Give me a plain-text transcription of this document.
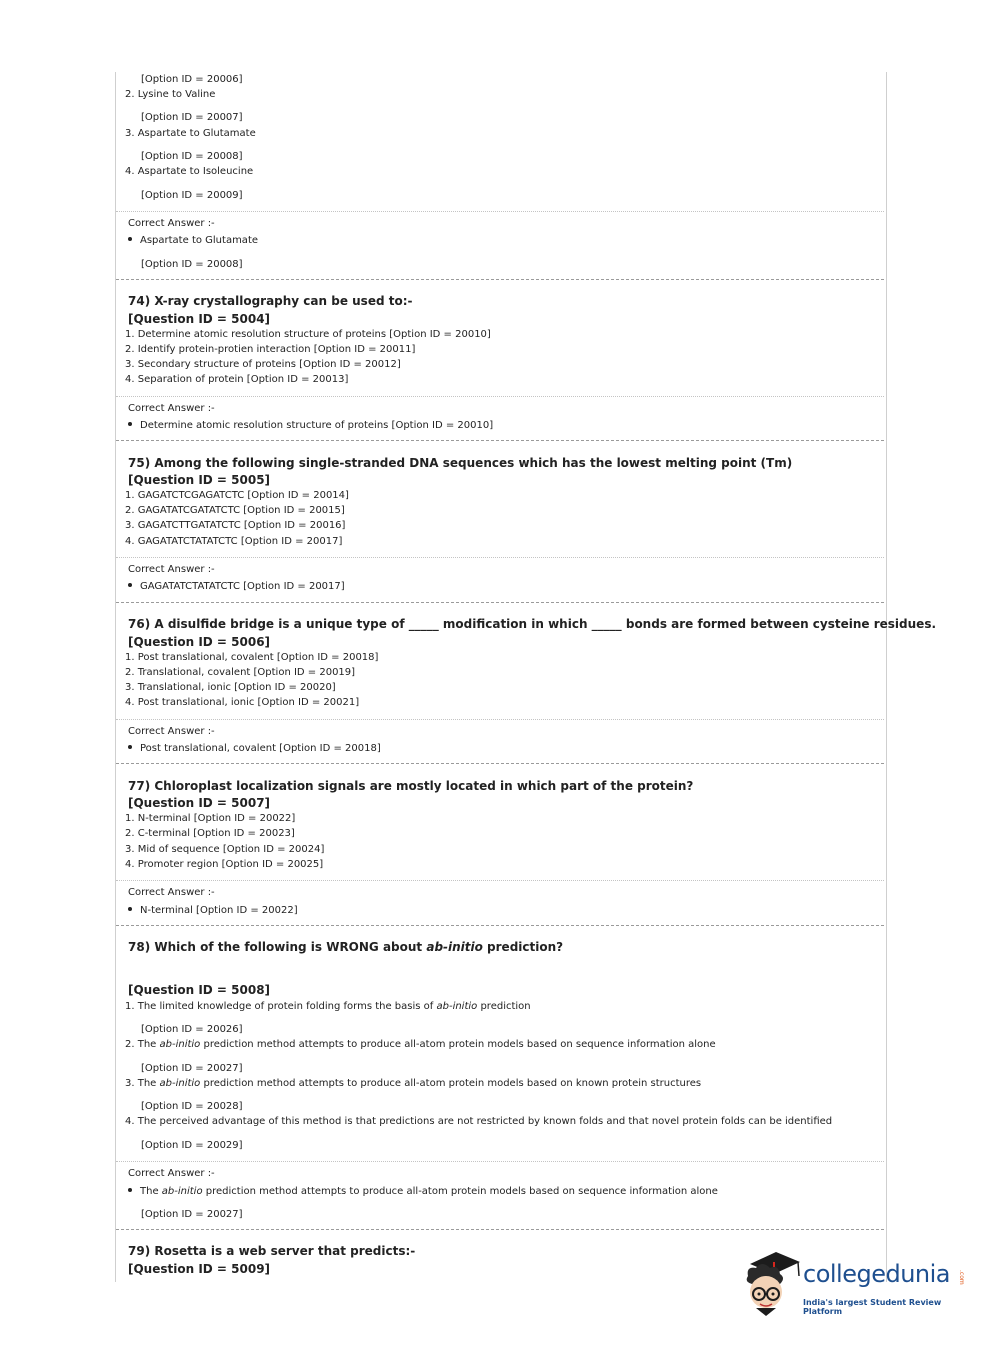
[Option ID = 20006]
2. Lysine to Valine
[Option ID = 20007]
3. Aspartate to Glutamate
[Option ID = 20008]
4. Aspartate to Isoleucine
[Option ID = 20009]
Correct Answer :-
Aspartate to Glutamate
[Option ID = 20008]
74) X-ray crystallography can be used to:-
[Question ID = 5004]
1. Determine atomic resolution structure of proteins [Option ID = 20010]
2. Identify protein-protien interaction [Option ID = 20011]
3. Secondary structure of proteins [Option ID = 20012]
4. Separation of protein [Option ID = 20013]
Correct Answer :-
Determine atomic resolution structure of proteins [Option ID = 20010]
75) Among the following single-stranded DNA sequences which has the lowest melting point (Tm)
[Question ID = 5005]
1. GAGATCTCGAGATCTC [Option ID = 20014]
2. GAGATATCGATATCTC [Option ID = 20015]
3. GAGATCTTGATATCTC [Option ID = 20016]
4. GAGATATCTATATCTC [Option ID = 20017]
Correct Answer :-
GAGATATCTATATCTC [Option ID = 20017]
76) A disulfide bridge is a unique type of _____ modification in which _____ bonds are formed between cysteine residues.
[Question ID = 5006]
1. Post translational, covalent [Option ID = 20018]
2. Translational, covalent [Option ID = 20019]
3. Translational, ionic [Option ID = 20020]
4. Post translational, ionic [Option ID = 20021]
Correct Answer :-
Post translational, covalent [Option ID = 20018]
77) Chloroplast localization signals are mostly located in which part of the protein?
[Question ID = 5007]
1. N-terminal [Option ID = 20022]
2. C-terminal [Option ID = 20023]
3. Mid of sequence [Option ID = 20024]
4. Promoter region [Option ID = 20025]
Correct Answer :-
N-terminal [Option ID = 20022]
78) Which of the following is WRONG about ab-initio prediction?
[Question ID = 5008]
1. The limited knowledge of protein folding forms the basis of ab-initio prediction
[Option ID = 20026]
2. The ab-initio prediction method attempts to produce all-atom protein models based on sequence information alone
[Option ID = 20027]
3. The ab-initio prediction method attempts to produce all-atom protein models based on known protein structures
[Option ID = 20028]
4. The perceived advantage of this method is that predictions are not restricted by known folds and that novel protein folds can be identified
[Option ID = 20029]
Correct Answer :-
The ab-initio prediction method attempts to produce all-atom protein models based on sequence information alone
[Option ID = 20027]
79) Rosetta is a web server that predicts:-
[Question ID = 5009]	collegedunia .com
India's largest Student Review Platform
